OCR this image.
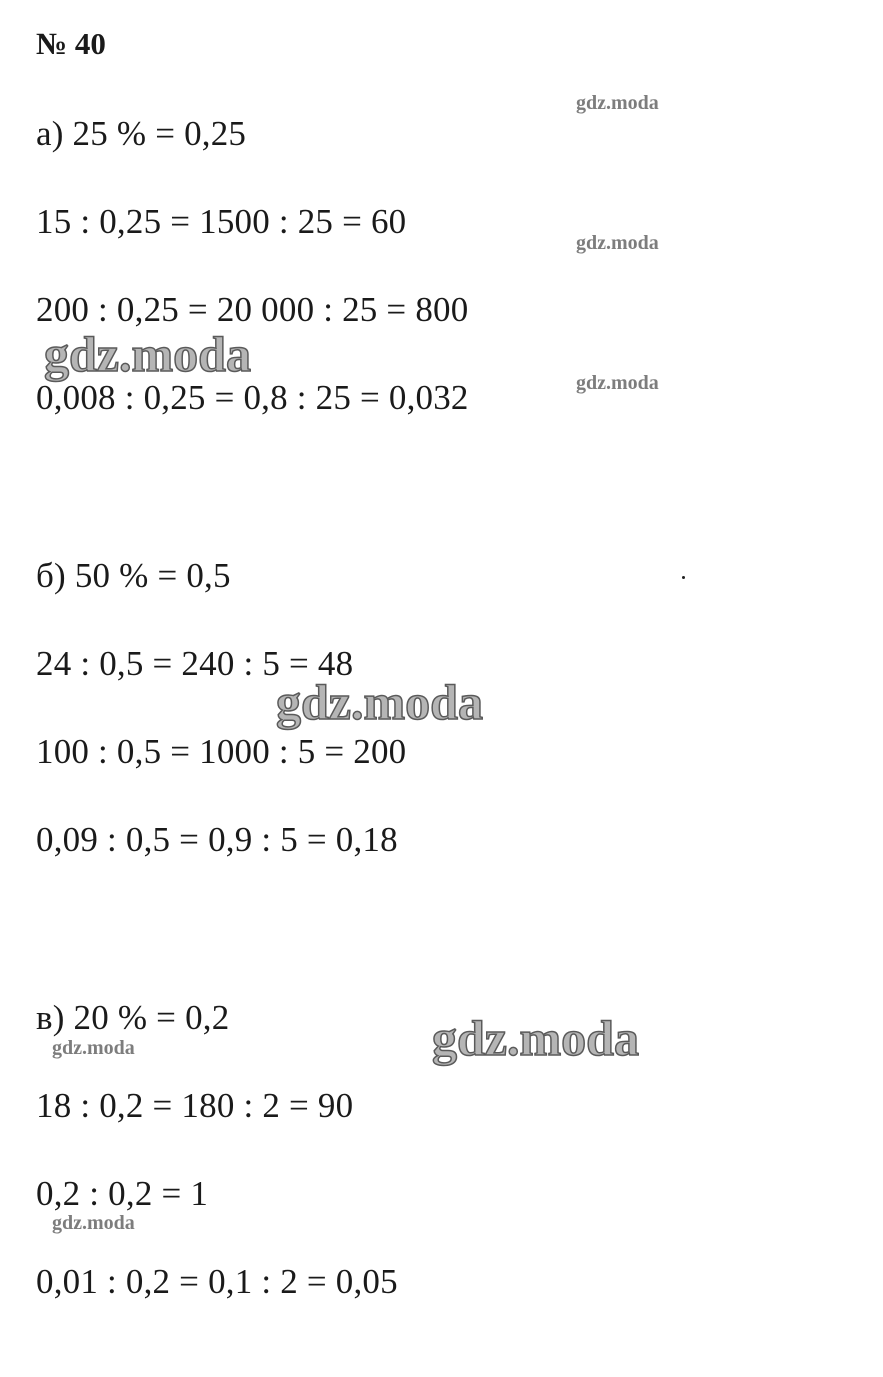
№ 40
а) 25 % = 0,25
15 : 0,25 = 1500 : 25 = 60
200 : 0,25 = 20 000 : 25 = 800
0,008 : 0,25 = 0,8 : 25 = 0,032
б) 50 % = 0,5
24 : 0,5 = 240 : 5 = 48
100 : 0,5 = 1000 : 5 = 200
0,09 : 0,5 = 0,9 : 5 = 0,18
в) 20 % = 0,2
18 : 0,2 = 180 : 2 = 90
0,2 : 0,2 = 1
0,01 : 0,2 = 0,1 : 2 = 0,05
gdz.moda
gdz.moda
gdz.moda
gdz.moda
gdz.moda
gdz.moda
gdz.moda
gdz.moda
